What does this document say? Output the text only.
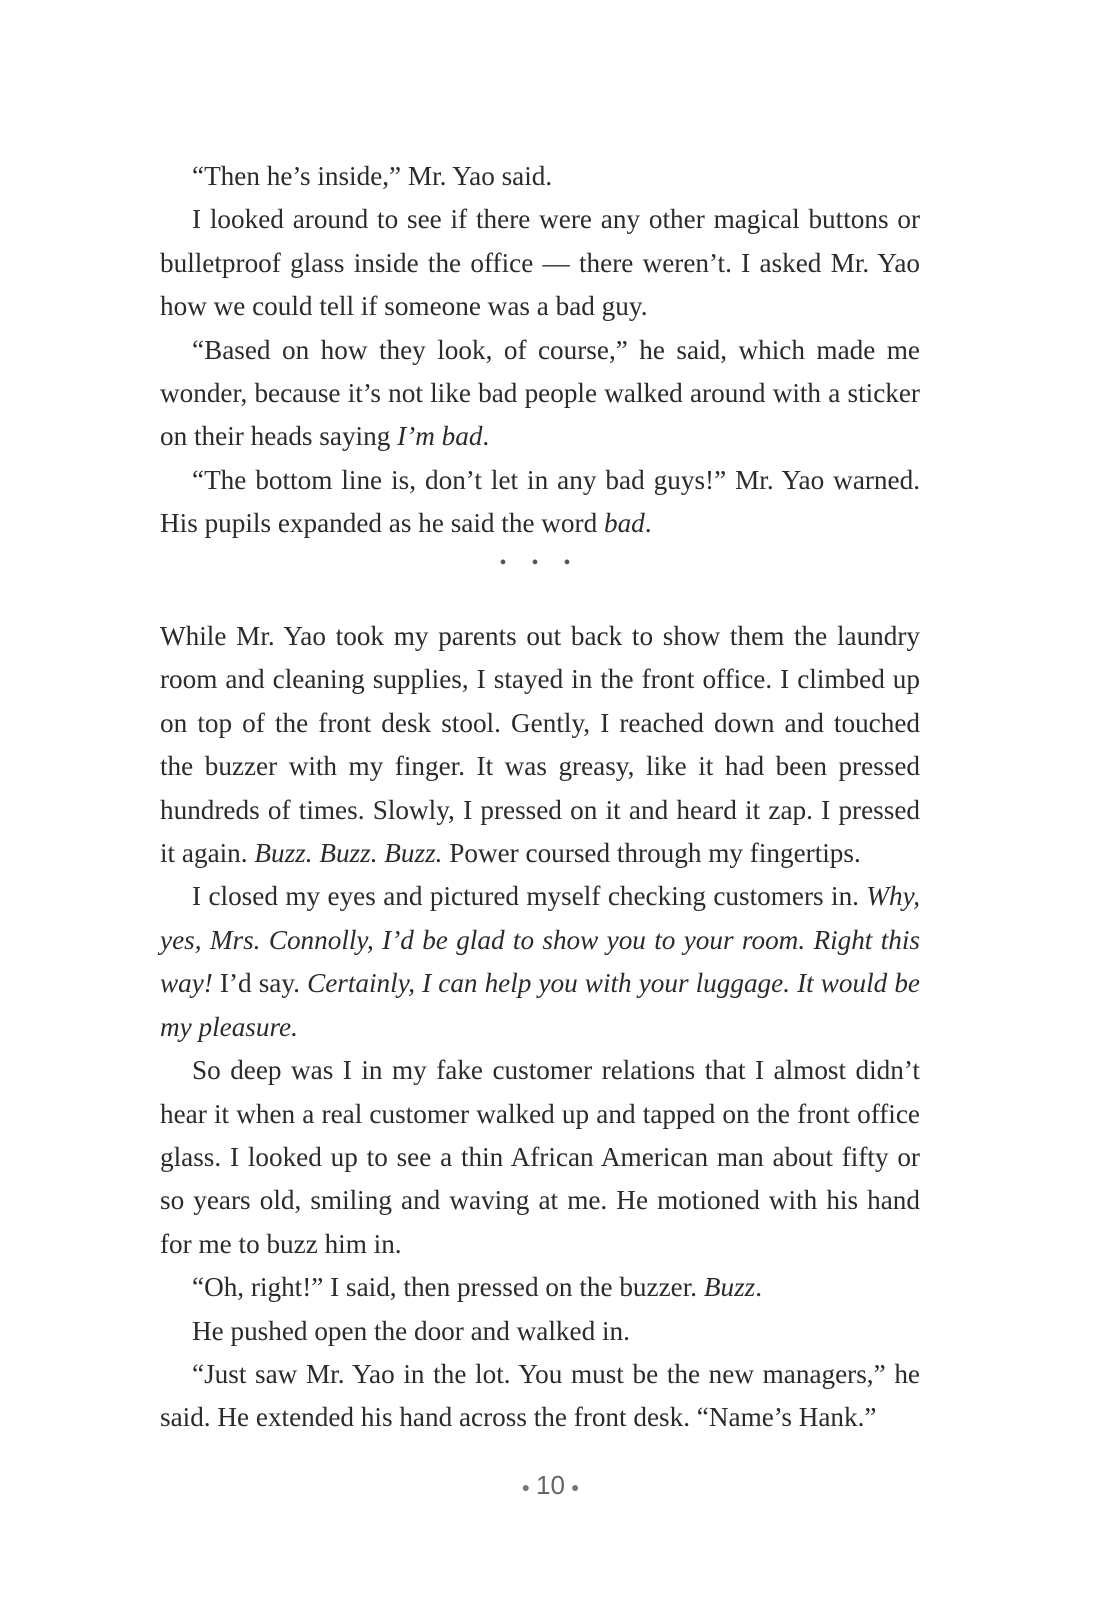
“Then he’s inside,” Mr. Yao said.

I looked around to see if there were any other magical buttons or bulletproof glass inside the office — there weren’t. I asked Mr. Yao how we could tell if someone was a bad guy.

“Based on how they look, of course,” he said, which made me wonder, because it’s not like bad people walked around with a sticker on their heads saying I’m bad.

“The bottom line is, don’t let in any bad guys!” Mr. Yao warned. His pupils expanded as he said the word bad.

• • •

While Mr. Yao took my parents out back to show them the laundry room and cleaning supplies, I stayed in the front office. I climbed up on top of the front desk stool. Gently, I reached down and touched the buzzer with my finger. It was greasy, like it had been pressed hundreds of times. Slowly, I pressed on it and heard it zap. I pressed it again. Buzz. Buzz. Buzz. Power coursed through my fingertips.

I closed my eyes and pictured myself checking customers in. Why, yes, Mrs. Connolly, I’d be glad to show you to your room. Right this way! I’d say. Certainly, I can help you with your luggage. It would be my pleasure.

So deep was I in my fake customer relations that I almost didn’t hear it when a real customer walked up and tapped on the front office glass. I looked up to see a thin African American man about fifty or so years old, smiling and waving at me. He motioned with his hand for me to buzz him in.

“Oh, right!” I said, then pressed on the buzzer. Buzz.

He pushed open the door and walked in.

“Just saw Mr. Yao in the lot. You must be the new managers,” he said. He extended his hand across the front desk. “Name’s Hank.”

● 10 ●
